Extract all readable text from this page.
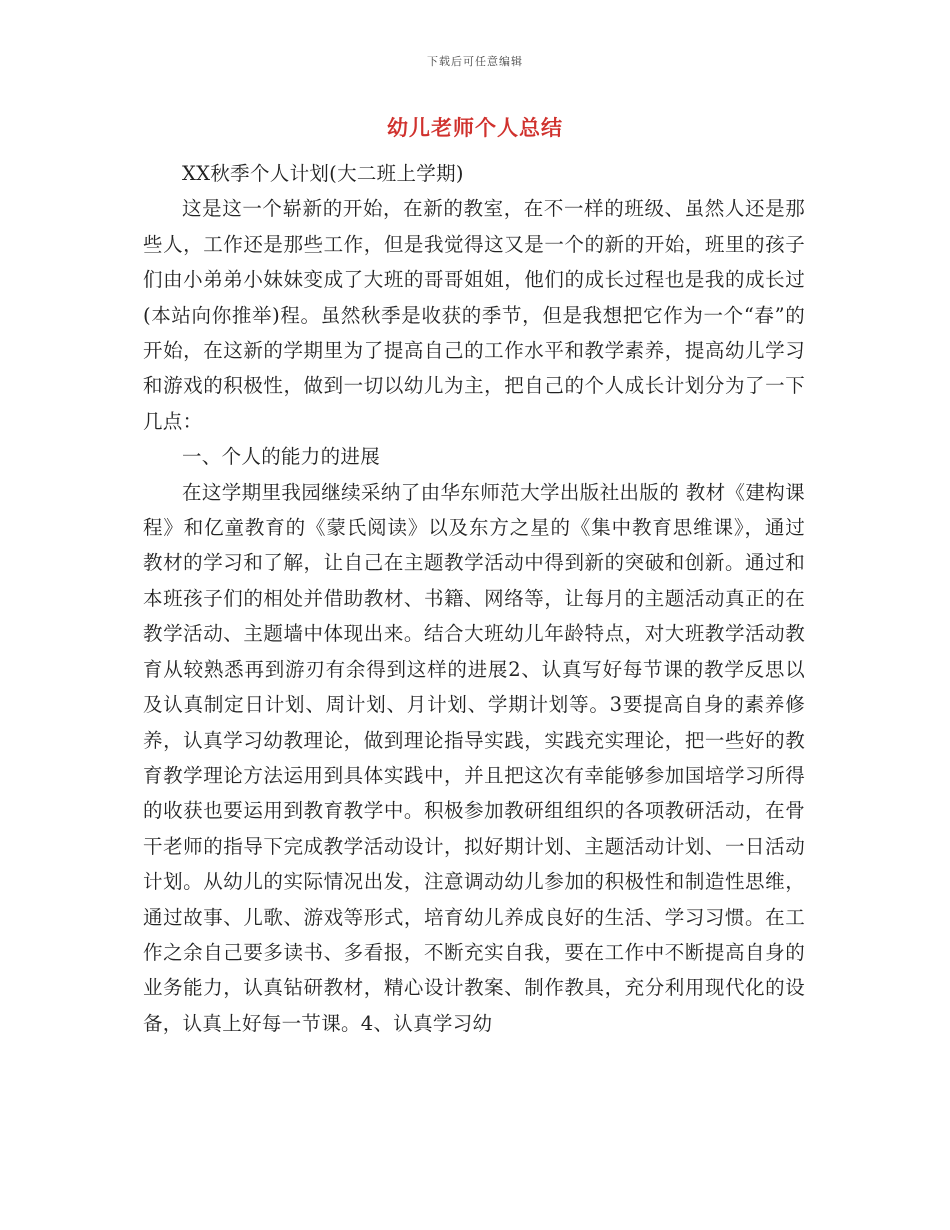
下载后可任意编辑
幼儿老师个人总结

XX秋季个人计划(大二班上学期)

这是这一个崭新的开始，在新的教室，在不一样的班级、虽然人还是那些人，工作还是那些工作，但是我觉得这又是一个的新的开始，班里的孩子们由小弟弟小妹妹变成了大班的哥哥姐姐，他们的成长过程也是我的成长过(本站向你推举)程。虽然秋季是收获的季节，但是我想把它作为一个“春”的开始，在这新的学期里为了提高自己的工作水平和教学素养，提高幼儿学习和游戏的积极性，做到一切以幼儿为主，把自己的个人成长计划分为了一下几点：

一、个人的能力的进展

在这学期里我园继续采纳了由华东师范大学出版社出版的 教材《建构课程》和亿童教育的《蒙氏阅读》以及东方之星的《集中教育思维课》，通过教材的学习和了解，让自己在主题教学活动中得到新的突破和创新。通过和本班孩子们的相处并借助教材、书籍、网络等，让每月的主题活动真正的在教学活动、主题墙中体现出来。结合大班幼儿年龄特点，对大班教学活动教育从较熟悉再到游刃有余得到这样的进展2、认真写好每节课的教学反思以及认真制定日计划、周计划、月计划、学期计划等。3要提高自身的素养修养，认真学习幼教理论，做到理论指导实践，实践充实理论，把一些好的教育教学理论方法运用到具体实践中，并且把这次有幸能够参加国培学习所得的收获也要运用到教育教学中。积极参加教研组组织的各项教研活动，在骨干老师的指导下完成教学活动设计，拟好期计划、主题活动计划、一日活动计划。从幼儿的实际情况出发，注意调动幼儿参加的积极性和制造性思维，通过故事、儿歌、游戏等形式，培育幼儿养成良好的生活、学习习惯。在工作之余自己要多读书、多看报，不断充实自我，要在工作中不断提高自身的业务能力，认真钻研教材，精心设计教案、制作教具，充分利用现代化的设备，认真上好每一节课。4、认真学习幼
